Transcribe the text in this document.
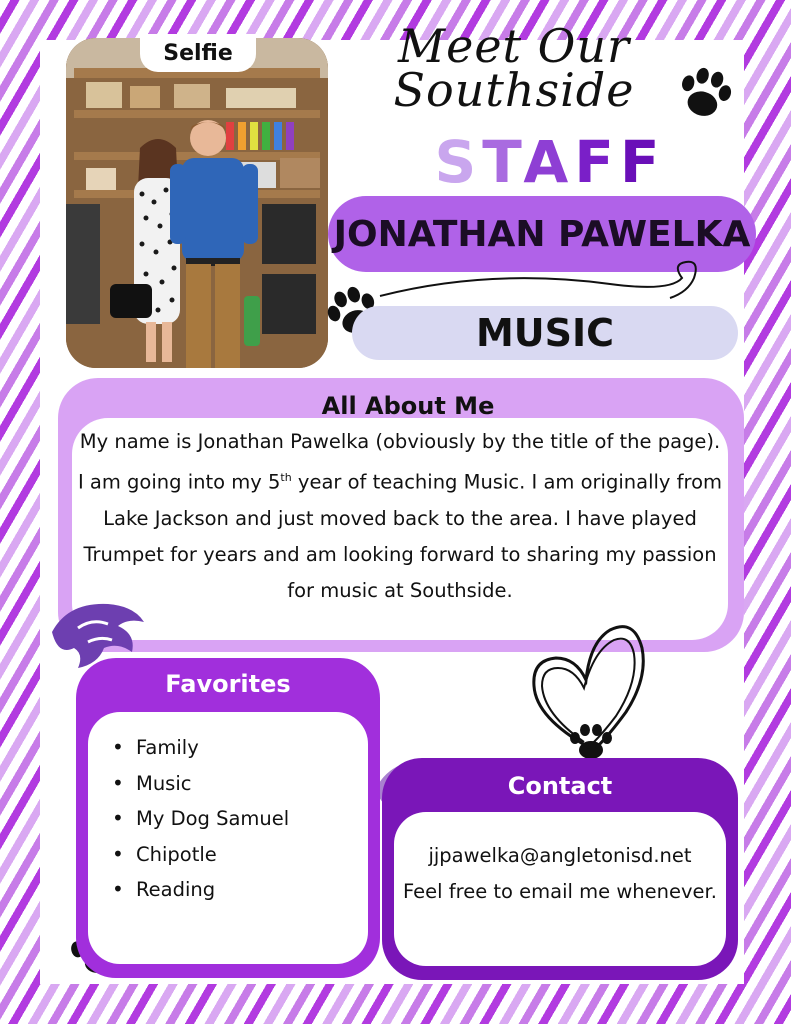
Selfie	Meet Our
Southside
STAFF
JONATHAN PAWELKA
MUSIC
All About Me
My name is Jonathan Pawelka (obviously by the title of the page). I am going into my 5th year of teaching Music. I am originally from Lake Jackson and just moved back to the area. I have played Trumpet for years and am looking forward to sharing my passion for music at Southside.
Favorites
• Family
• Music
• My Dog Samuel
• Chipotle
• Reading
Contact
jjpawelka@angletonisd.net
Feel free to email me whenever.
